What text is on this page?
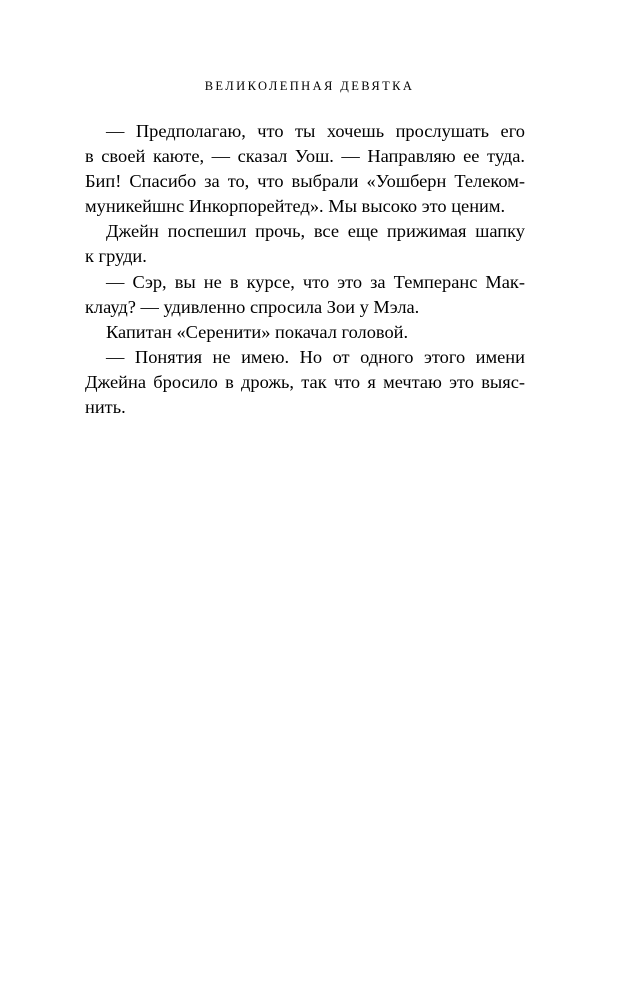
ВЕЛИКОЛЕПНАЯ ДЕВЯТКА
— Предполагаю, что ты хочешь прослушать его
в своей каюте, — сказал Уош. — Направляю ее туда.
Бип! Спасибо за то, что выбрали «Уошберн Телеком-
муникейшнс Инкорпорейтед». Мы высоко это ценим.
Джейн поспешил прочь, все еще прижимая шапку
к груди.
— Сэр, вы не в курсе, что это за Темперанс Мак-
клауд? — удивленно спросила Зои у Мэла.
Капитан «Серенити» покачал головой.
— Понятия не имею. Но от одного этого имени
Джейна бросило в дрожь, так что я мечтаю это выяс-
нить.
